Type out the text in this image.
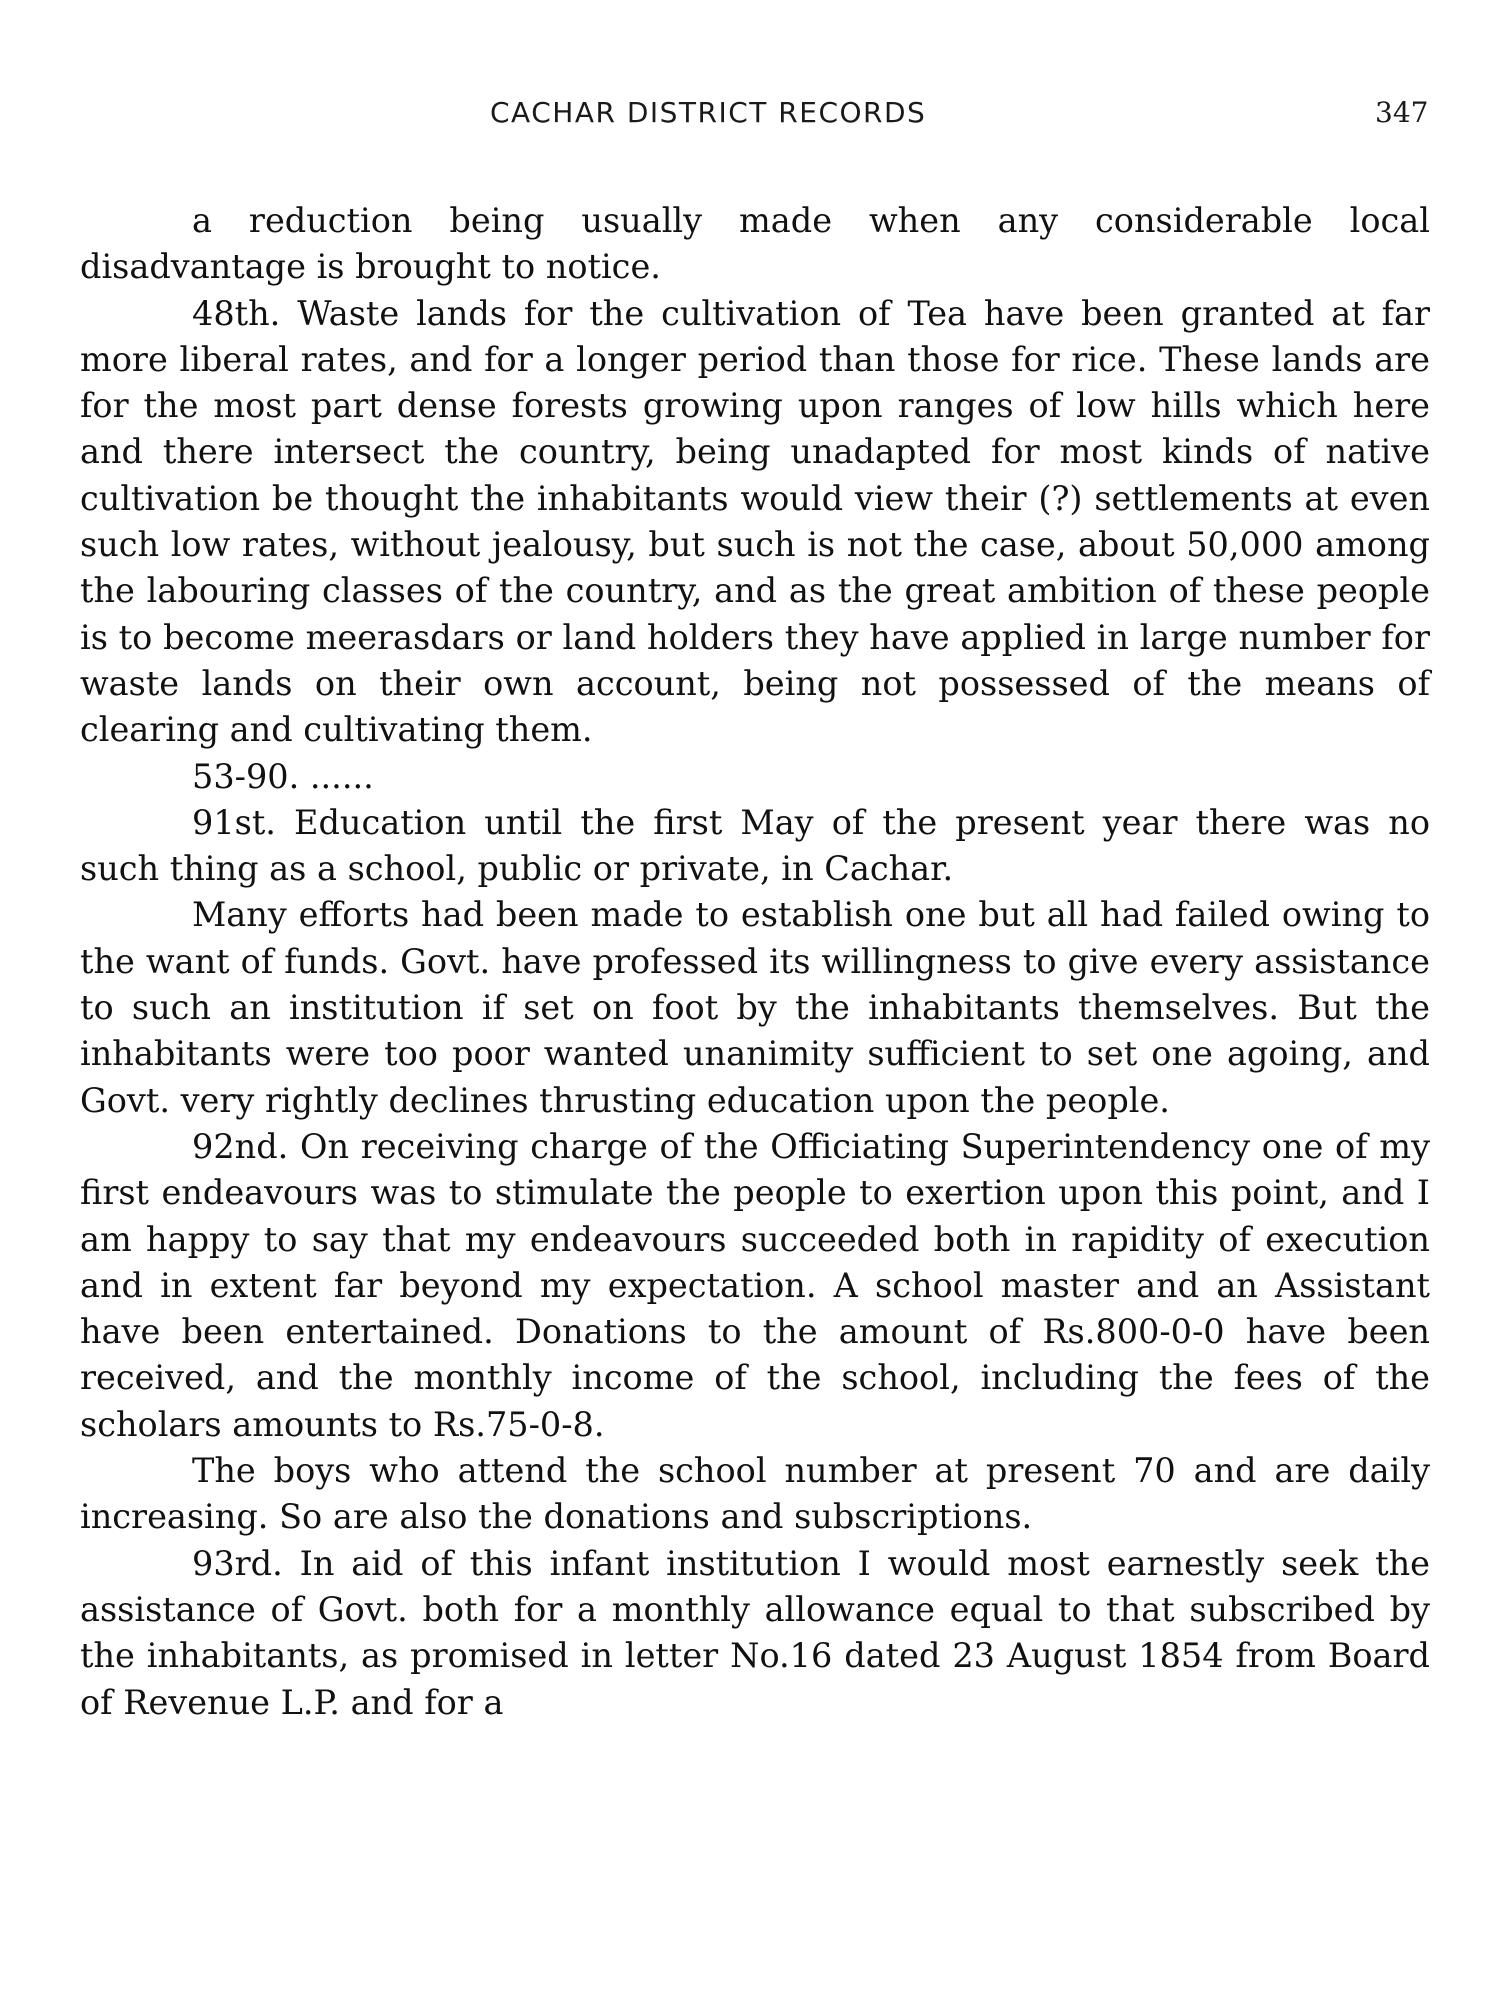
CACHAR DISTRICT RECORDS	347

a reduction being usually made when any considerable local disadvantage is brought to notice.

48th. Waste lands for the cultivation of Tea have been granted at far more liberal rates, and for a longer period than those for rice. These lands are for the most part dense forests growing upon ranges of low hills which here and there intersect the country, being unadapted for most kinds of native cultivation be thought the inhabitants would view their (?) settlements at even such low rates, without jealousy, but such is not the case, about 50,000 among the labouring classes of the country, and as the great ambition of these people is to become meerasdars or land holders they have applied in large number for waste lands on their own account, being not possessed of the means of clearing and cultivating them.

53-90. ......

91st. Education until the first May of the present year there was no such thing as a school, public or private, in Cachar.

Many efforts had been made to establish one but all had failed owing to the want of funds. Govt. have professed its willingness to give every assistance to such an institution if set on foot by the inhabitants themselves. But the inhabitants were too poor wanted unanimity sufficient to set one agoing, and Govt. very rightly declines thrusting education upon the people.

92nd. On receiving charge of the Officiating Superintendency one of my first endeavours was to stimulate the people to exertion upon this point, and I am happy to say that my endeavours succeeded both in rapidity of execution and in extent far beyond my expectation. A school master and an Assistant have been entertained. Donations to the amount of Rs.800-0-0 have been received, and the monthly income of the school, including the fees of the scholars amounts to Rs.75-0-8.

The boys who attend the school number at present 70 and are daily increasing. So are also the donations and subscriptions.

93rd. In aid of this infant institution I would most earnestly seek the assistance of Govt. both for a monthly allowance equal to that subscribed by the inhabitants, as promised in letter No.16 dated 23 August 1854 from Board of Revenue L.P. and for a
